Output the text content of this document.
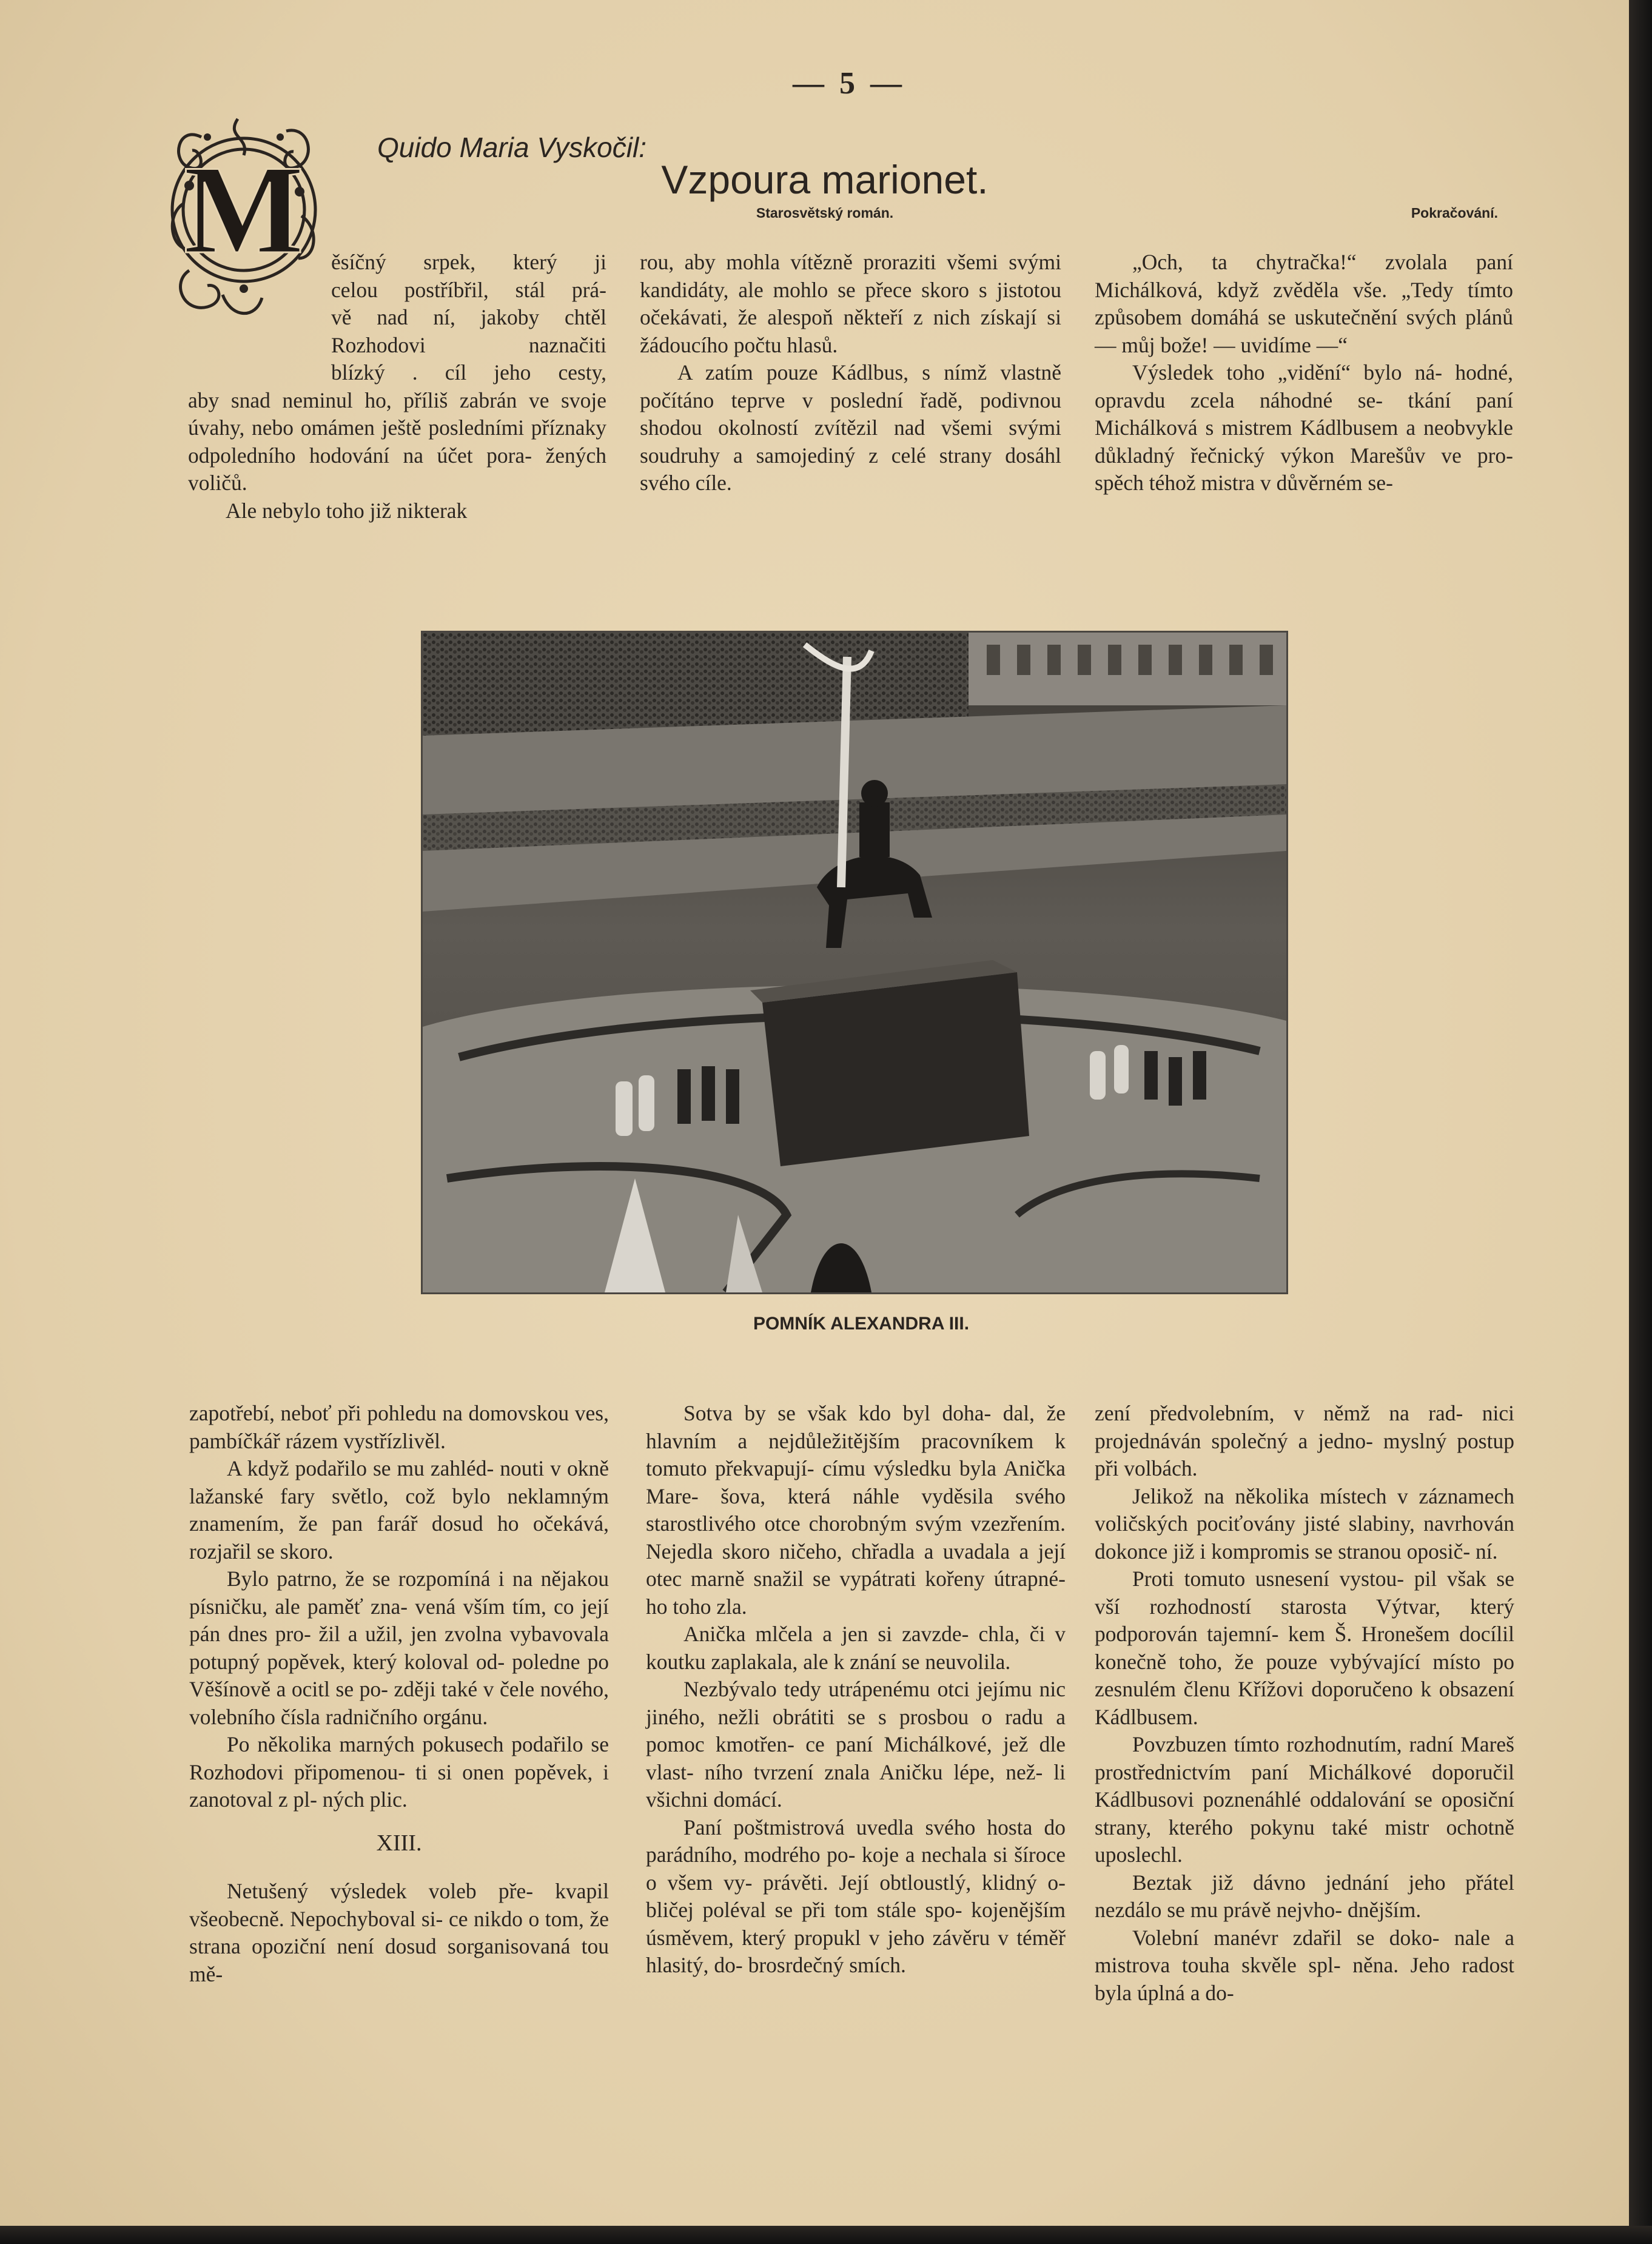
— 5 —
M	Quido Maria Vyskočil:
Vzpoura marionet.
Starosvětský román.	Pokračování.

ěsíčný srpek, který ji

celou postříbřil, stál prá-

vě nad ní, jakoby chtěl

Rozhodovi naznačiti

blízký . cíl jeho cesty,

aby snad neminul ho, příliš zabrán ve svoje úvahy, nebo omámen ještě posledními příznaky odpoledního hodování na účet pora- žených voličů.

Ale nebylo toho již nikterak

rou, aby mohla vítězně proraziti všemi svými kandidáty, ale mohlo se přece skoro s jistotou očekávati, že alespoň někteří z nich získají si žádoucího počtu hlasů.

A zatím pouze Kádlbus, s nímž vlastně počítáno teprve v poslední řadě, podivnou shodou okolností zvítězil nad všemi svými soudruhy a samojediný z celé strany dosáhl svého cíle.

„Och, ta chytračka!“ zvolala paní Michálková, když zvěděla vše. „Tedy tímto způsobem domáhá se uskutečnění svých plánů — můj bože! — uvidíme —“

Výsledek toho „vidění“ bylo ná- hodné, opravdu zcela náhodné se- tkání paní Michálková s mistrem Kádlbusem a neobvykle důkladný řečnický výkon Marešův ve pro- spěch téhož mistra v důvěrném se-

POMNÍK ALEXANDRA III.

zapotřebí, neboť při pohledu na domovskou ves, pambíčkář rázem vystřízlivěl.

A když podařilo se mu zahléd- nouti v okně lažanské fary světlo, což bylo neklamným znamením, že pan farář dosud ho očekává, rozjařil se skoro.

Bylo patrno, že se rozpomíná i na nějakou písničku, ale paměť zna- vená vším tím, co její pán dnes pro- žil a užil, jen zvolna vybavovala potupný popěvek, který koloval od- poledne po Věšínově a ocitl se po- zději také v čele nového, volebního čísla radničního orgánu.

Po několika marných pokusech podařilo se Rozhodovi připomenou- ti si onen popěvek, i zanotoval z pl- ných plic.

XIII.

Netušený výsledek voleb pře- kvapil všeobecně. Nepochyboval si- ce nikdo o tom, že strana opoziční není dosud sorganisovaná tou mě-

Sotva by se však kdo byl doha- dal, že hlavním a nejdůležitějším pracovníkem k tomuto překvapují- címu výsledku byla Anička Mare- šova, která náhle vyděsila svého starostlivého otce chorobným svým vzezřením. Nejedla skoro ničeho, chřadla a uvadala a její otec marně snažil se vypátrati kořeny útrapné- ho toho zla.

Anička mlčela a jen si zavzde- chla, či v koutku zaplakala, ale k znání se neuvolila.

Nezbývalo tedy utrápenému otci jejímu nic jiného, nežli obrátiti se s prosbou o radu a pomoc kmotřen- ce paní Michálkové, jež dle vlast- ního tvrzení znala Aničku lépe, než- li všichni domácí.

Paní poštmistrová uvedla svého hosta do parádního, modrého po- koje a nechala si šíroce o všem vy- právěti. Její obtloustlý, klidný o- bličej poléval se při tom stále spo- kojenějším úsměvem, který propukl v jeho závěru v téměř hlasitý, do- brosrdečný smích.

zení předvolebním, v němž na rad- nici projednáván společný a jedno- myslný postup při volbách.

Jelikož na několika místech v záznamech voličských pociťovány jisté slabiny, navrhován dokonce již i kompromis se stranou oposič- ní.

Proti tomuto usnesení vystou- pil však se vší rozhodností starosta Výtvar, který podporován tajemní- kem Š. Hronešem docílil konečně toho, že pouze vybývající místo po zesnulém členu Křížovi doporučeno k obsazení Kádlbusem.

Povzbuzen tímto rozhodnutím, radní Mareš prostřednictvím paní Michálkové doporučil Kádlbusovi poznenáhlé oddalování se oposiční strany, kterého pokynu také mistr ochotně uposlechl.

Beztak již dávno jednání jeho přátel nezdálo se mu právě nejvho- dnějším.

Volební manévr zdařil se doko- nale a mistrova touha skvěle spl- něna. Jeho radost byla úplná a do-
